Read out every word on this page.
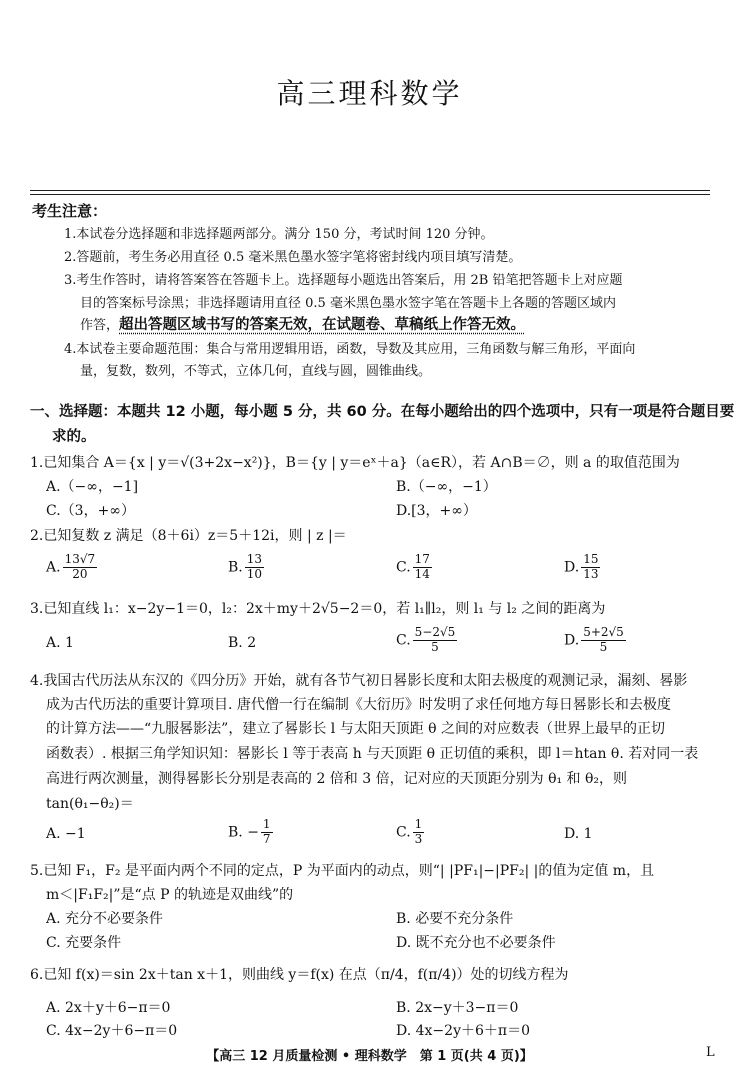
高三理科数学
考生注意：
1.本试卷分选择题和非选择题两部分。满分 150 分，考试时间 120 分钟。
2.答题前，考生务必用直径 0.5 毫米黑色墨水签字笔将密封线内项目填写清楚。
3.考生作答时，请将答案答在答题卡上。选择题每小题选出答案后，用 2B 铅笔把答题卡上对应题
目的答案标号涂黑；非选择题请用直径 0.5 毫米黑色墨水签字笔在答题卡上各题的答题区域内
作答，超出答题区域书写的答案无效，在试题卷、草稿纸上作答无效。
4.本试卷主要命题范围：集合与常用逻辑用语，函数，导数及其应用，三角函数与解三角形，平面向
量，复数，数列，不等式，立体几何，直线与圆，圆锥曲线。
一、选择题：本题共 12 小题，每小题 5 分，共 60 分。在每小题给出的四个选项中，只有一项是符合题目要
求的。
1.已知集合 A＝{x | y＝√(3+2x−x²)}，B＝{y | y＝eˣ＋a}（a∈R），若 A∩B＝∅，则 a 的取值范围为
A.（−∞，−1]	B.（−∞，−1）
C.（3，+∞）	D.[3，+∞）
2.已知复数 z 满足（8＋6i）z＝5＋12i，则 | z |＝
A. $\frac{13√7}{20}$	B. $\frac{13}{10}$	C. $\frac{17}{14}$	D. $\frac{15}{13}$
3.已知直线 l₁：x−2y−1＝0，l₂：2x＋my＋2√5−2＝0，若 l₁∥l₂，则 l₁ 与 l₂ 之间的距离为
A. 1	B. 2	C. $\frac{5-2√5}{5}$	D. $\frac{5+2√5}{5}$
4.我国古代历法从东汉的《四分历》开始，就有各节气初日晷影长度和太阳去极度的观测记录，漏刻、晷影
成为古代历法的重要计算项目. 唐代僧一行在编制《大衍历》时发明了求任何地方每日晷影长和去极度
的计算方法——“九服晷影法”，建立了晷影长 l 与太阳天顶距 θ 之间的对应数表（世界上最早的正切
函数表）. 根据三角学知识知：晷影长 l 等于表高 h 与天顶距 θ 正切值的乘积，即 l＝htan θ. 若对同一表
高进行两次测量，测得晷影长分别是表高的 2 倍和 3 倍，记对应的天顶距分别为 θ₁ 和 θ₂，则
tan(θ₁−θ₂)＝
A. −1	B. − $\frac{1}{7}$	C. $\frac{1}{3}$	D. 1
5.已知 F₁，F₂ 是平面内两个不同的定点，P 为平面内的动点，则“| |PF₁|−|PF₂| |的值为定值 m，且
m＜|F₁F₂|”是“点 P 的轨迹是双曲线”的
A. 充分不必要条件	B. 必要不充分条件
C. 充要条件	D. 既不充分也不必要条件
6.已知 f(x)＝sin 2x＋tan x＋1，则曲线 y＝f(x) 在点（π/4，f(π/4)）处的切线方程为
A. 2x＋y＋6−π＝0	B. 2x−y＋3−π＝0
C. 4x−2y＋6−π＝0	D. 4x−2y＋6＋π＝0
【高三 12 月质量检测 • 理科数学　第 1 页(共 4 页)】	L
